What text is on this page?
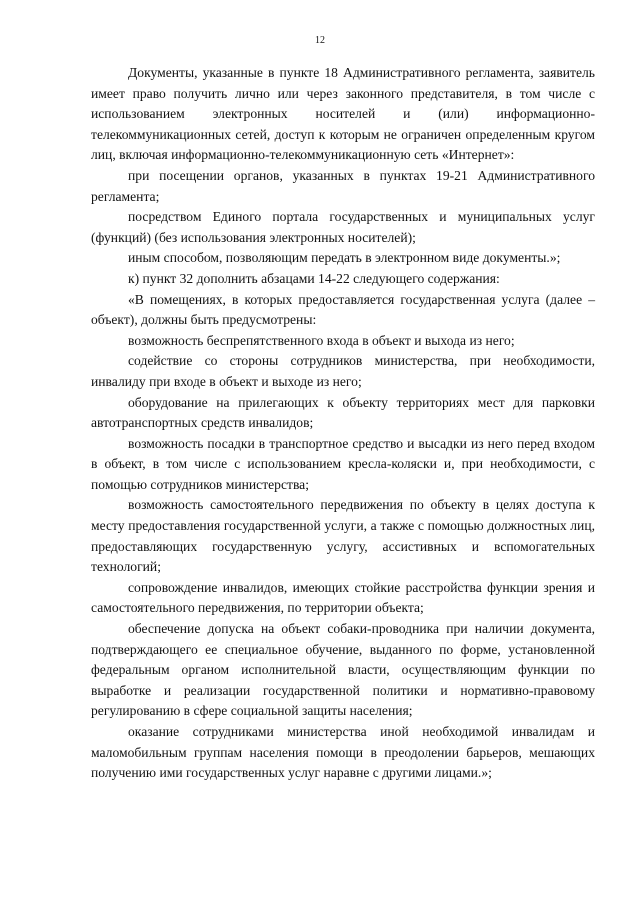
12

Документы, указанные в пункте 18 Административного регламента, заявитель имеет право получить лично или через законного представителя, в том числе с использованием электронных носителей и (или) информационно-телекоммуникационных сетей, доступ к которым не ограничен определенным кругом лиц, включая информационно-телекоммуникационную сеть «Интернет»:

при посещении органов, указанных в пунктах 19-21 Административного регламента;

посредством Единого портала государственных и муниципальных услуг (функций) (без использования электронных носителей);

иным способом, позволяющим передать в электронном виде документы.»;

к) пункт 32 дополнить абзацами 14-22 следующего содержания:

«В помещениях, в которых предоставляется государственная услуга (далее – объект), должны быть предусмотрены:

возможность беспрепятственного входа в объект и выхода из него;

содействие со стороны сотрудников министерства, при необходимости, инвалиду при входе в объект и выходе из него;

оборудование на прилегающих к объекту территориях мест для парковки автотранспортных средств инвалидов;

возможность посадки в транспортное средство и высадки из него перед входом в объект, в том числе с использованием кресла-коляски и, при необходимости, с помощью сотрудников министерства;

возможность самостоятельного передвижения по объекту в целях доступа к месту предоставления государственной услуги, а также с помощью должностных лиц, предоставляющих государственную услугу, ассистивных и вспомогательных технологий;

сопровождение инвалидов, имеющих стойкие расстройства функции зрения и самостоятельного передвижения, по территории объекта;

обеспечение допуска на объект собаки-проводника при наличии документа, подтверждающего ее специальное обучение, выданного по форме, установленной федеральным органом исполнительной власти, осуществляющим функции по выработке и реализации государственной политики и нормативно-правовому регулированию в сфере социальной защиты населения;

оказание сотрудниками министерства иной необходимой инвалидам и маломобильным группам населения помощи в преодолении барьеров, мешающих получению ими государственных услуг наравне с другими лицами.»;
